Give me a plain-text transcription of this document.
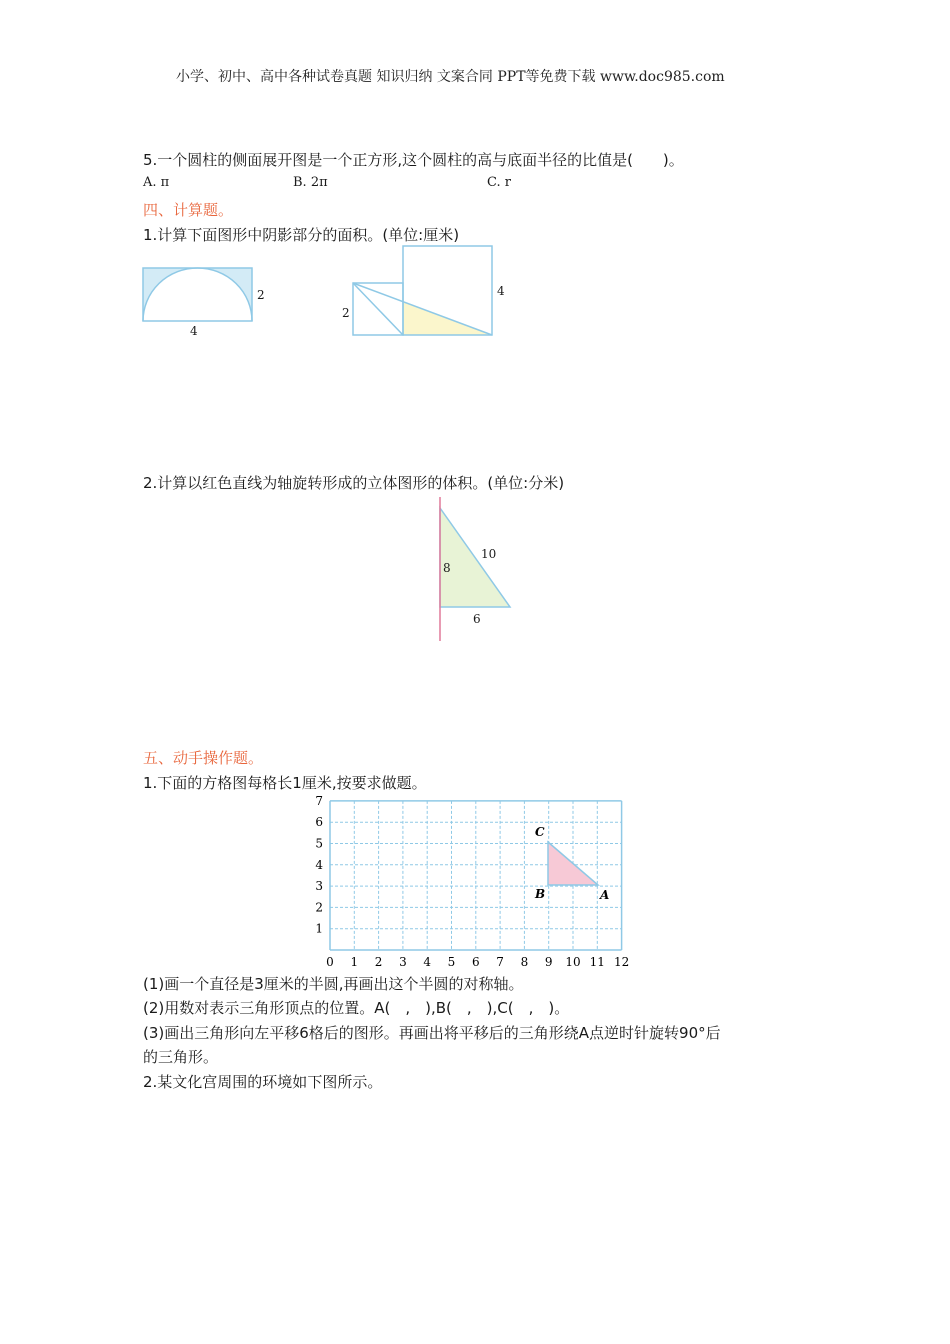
小学、初中、高中各种试卷真题 知识归纳 文案合同 PPT等免费下载 www.doc985.com
5.一个圆柱的侧面展开图是一个正方形,这个圆柱的高与底面半径的比值是(　　)。
A. π	B. 2π	C. r
四、计算题。
1.计算下面图形中阴影部分的面积。(单位:厘米)
2
4
2
4
2.计算以红色直线为轴旋转形成的立体图形的体积。(单位:分米)
8
10
6
五、动手操作题。
1.下面的方格图每格长1厘米,按要求做题。
0 1 2 3 4 5 6 7 8 9 10 11 12
1
2
3
4
5
6
7
C
B	A
(1)画一个直径是3厘米的半圆,再画出这个半圆的对称轴。
(2)用数对表示三角形顶点的位置。A(　,　),B(　,　),C(　,　)。
(3)画出三角形向左平移6格后的图形。再画出将平移后的三角形绕A点逆时针旋转90°后
的三角形。
2.某文化宫周围的环境如下图所示。
